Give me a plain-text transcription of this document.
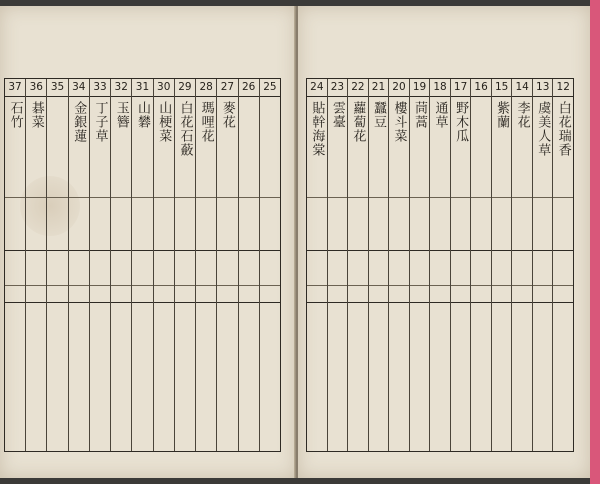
25
26
27
麥花
28
瑪哩花
29
白花石蘞
30
山梗菜
31
山礬
32
玉簪
33
丁子草
34
金銀蓮
35
36
碁菜
37
石竹
12
白花瑞香
13
虞美人草
14
李花
15
紫蘭
16
17
野木瓜
18
通草
19
茼蒿
20
樓斗菜
21
蠶豆
22
蘿蔔花
23
雲臺
24
貼幹海棠
